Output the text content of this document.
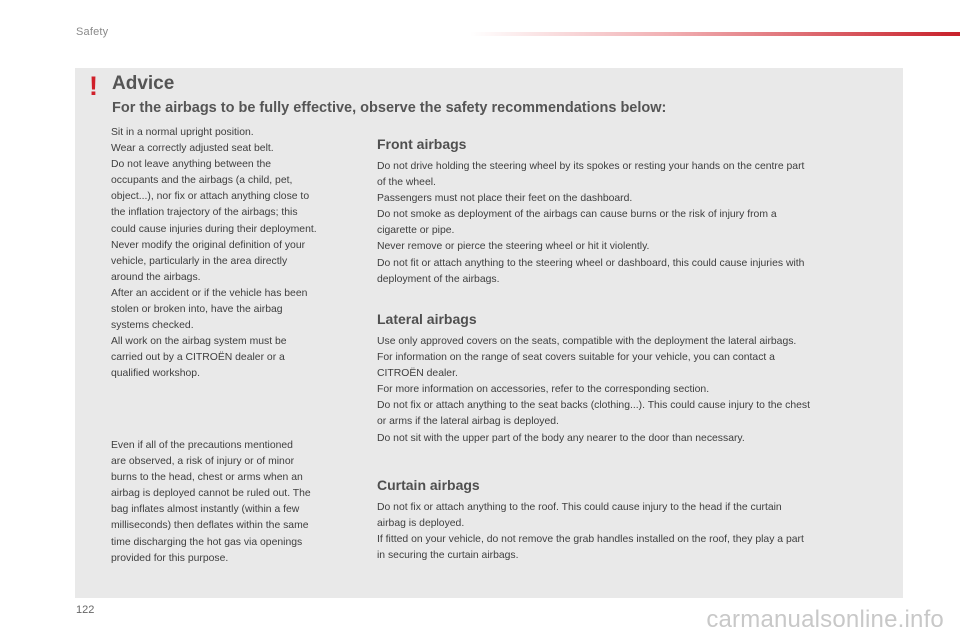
Safety
! Advice
For the airbags to be fully effective, observe the safety recommendations below:
Sit in a normal upright position.
Wear a correctly adjusted seat belt.
Do not leave anything between the
occupants and the airbags (a child, pet,
object...), nor fix or attach anything close to
the inflation trajectory of the airbags; this
could cause injuries during their deployment.
Never modify the original definition of your
vehicle, particularly in the area directly
around the airbags.
After an accident or if the vehicle has been
stolen or broken into, have the airbag
systems checked.
All work on the airbag system must be
carried out by a CITROËN dealer or a
qualified workshop.
Even if all of the precautions mentioned
are observed, a risk of injury or of minor
burns to the head, chest or arms when an
airbag is deployed cannot be ruled out. The
bag inflates almost instantly (within a few
milliseconds) then deflates within the same
time discharging the hot gas via openings
provided for this purpose.
Front airbags
Do not drive holding the steering wheel by its spokes or resting your hands on the centre part
of the wheel.
Passengers must not place their feet on the dashboard.
Do not smoke as deployment of the airbags can cause burns or the risk of injury from a
cigarette or pipe.
Never remove or pierce the steering wheel or hit it violently.
Do not fit or attach anything to the steering wheel or dashboard, this could cause injuries with
deployment of the airbags.
Lateral airbags
Use only approved covers on the seats, compatible with the deployment the lateral airbags.
For information on the range of seat covers suitable for your vehicle, you can contact a
CITROËN dealer.
For more information on accessories, refer to the corresponding section.
Do not fix or attach anything to the seat backs (clothing...). This could cause injury to the chest
or arms if the lateral airbag is deployed.
Do not sit with the upper part of the body any nearer to the door than necessary.
Curtain airbags
Do not fix or attach anything to the roof. This could cause injury to the head if the curtain
airbag is deployed.
If fitted on your vehicle, do not remove the grab handles installed on the roof, they play a part
in securing the curtain airbags.
122	carmanualsonline.info
